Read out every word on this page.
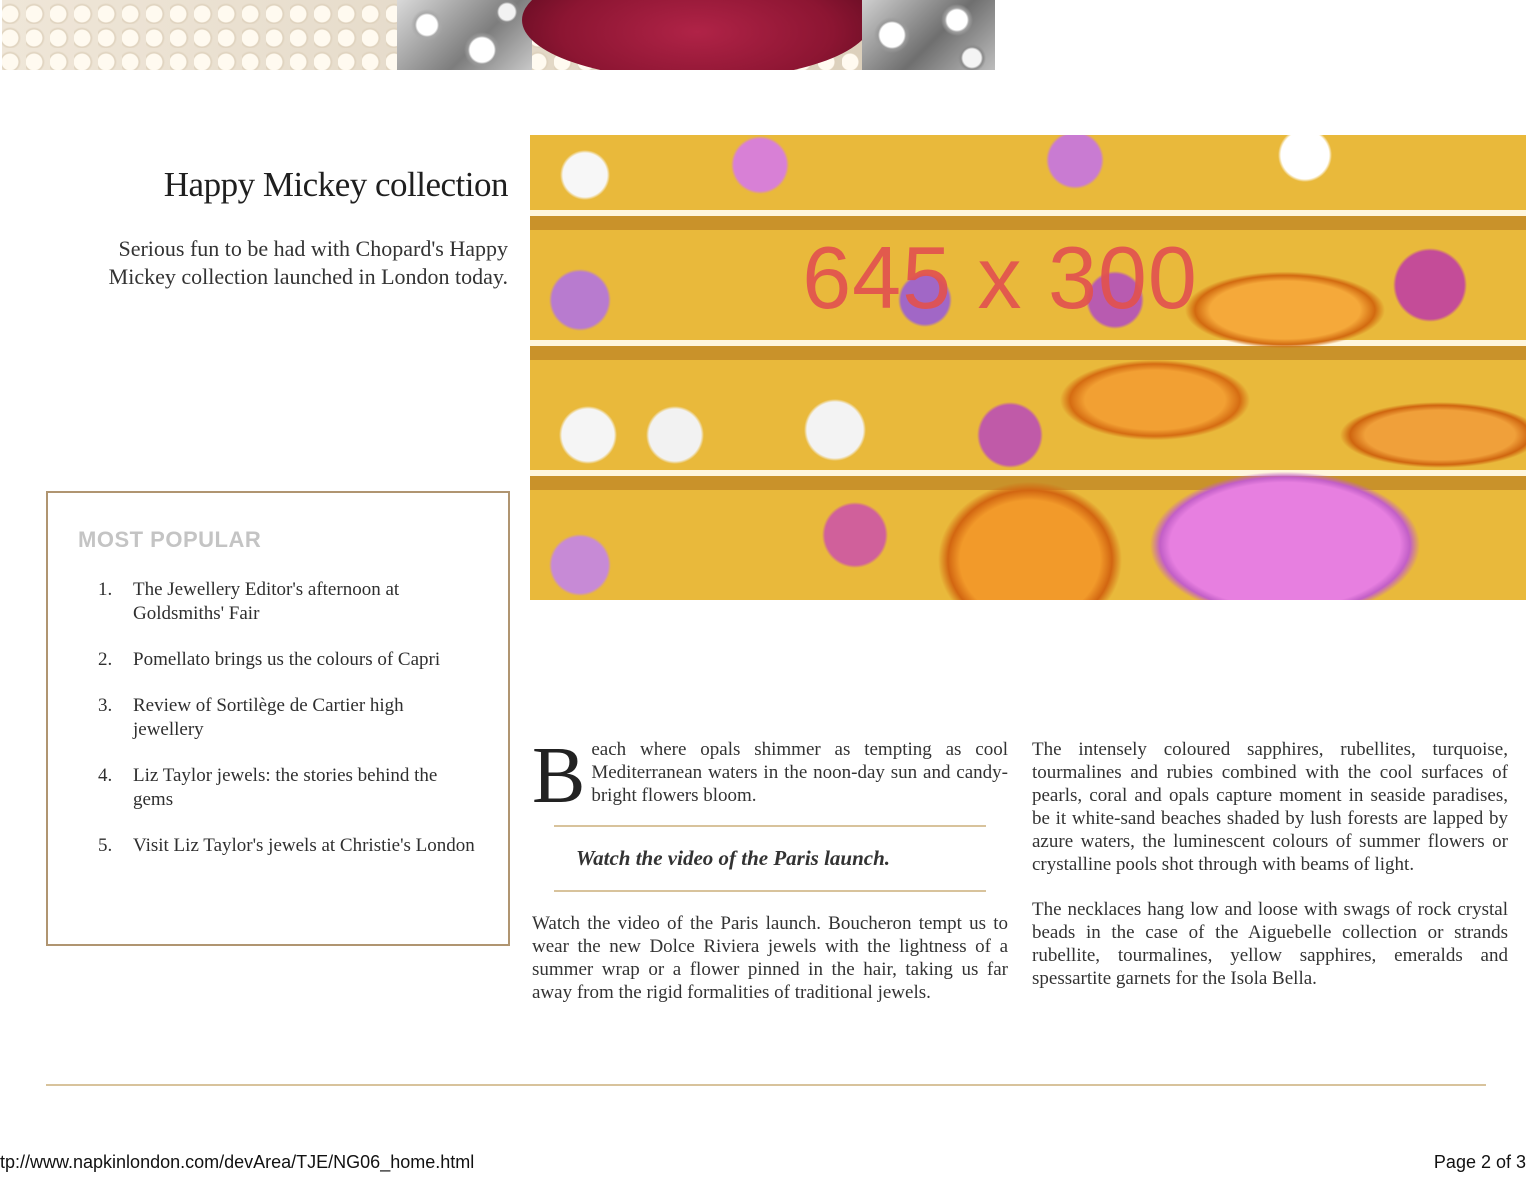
Happy Mickey collection

Serious fun to be had with Chopard's Happy Mickey collection launched in London today.	645 x 300
MOST POPULAR
1.	The Jewellery Editor's afternoon at Goldsmiths' Fair
2.	Pomellato brings us the colours of Capri
3.	Review of Sortilège de Cartier high jewellery
4.	Liz Taylor jewels: the stories behind the gems
5.	Visit Liz Taylor's jewels at Christie's London

Beach where opals shimmer as tempting as cool Mediterranean waters in the noon-day sun and candy-bright flowers bloom.

Watch the video of the Paris launch.

Watch the video of the Paris launch. Boucheron tempt us to wear the new Dolce Riviera jewels with the lightness of a summer wrap or a flower pinned in the hair, taking us far away from the rigid formalities of traditional jewels.

The intensely coloured sapphires, rubellites, turquoise, tourmalines and rubies combined with the cool surfaces of pearls, coral and opals capture moment in seaside paradises, be it white-sand beaches shaded by lush forests are lapped by azure waters, the luminescent colours of summer flowers or crystalline pools shot through with beams of light.

The necklaces hang low and loose with swags of rock crystal beads in the case of the Aiguebelle collection or strands rubellite, tourmalines, yellow sapphires, emeralds and spessartite garnets for the Isola Bella.

tp://www.napkinlondon.com/devArea/TJE/NG06_home.html	Page 2 of 3
